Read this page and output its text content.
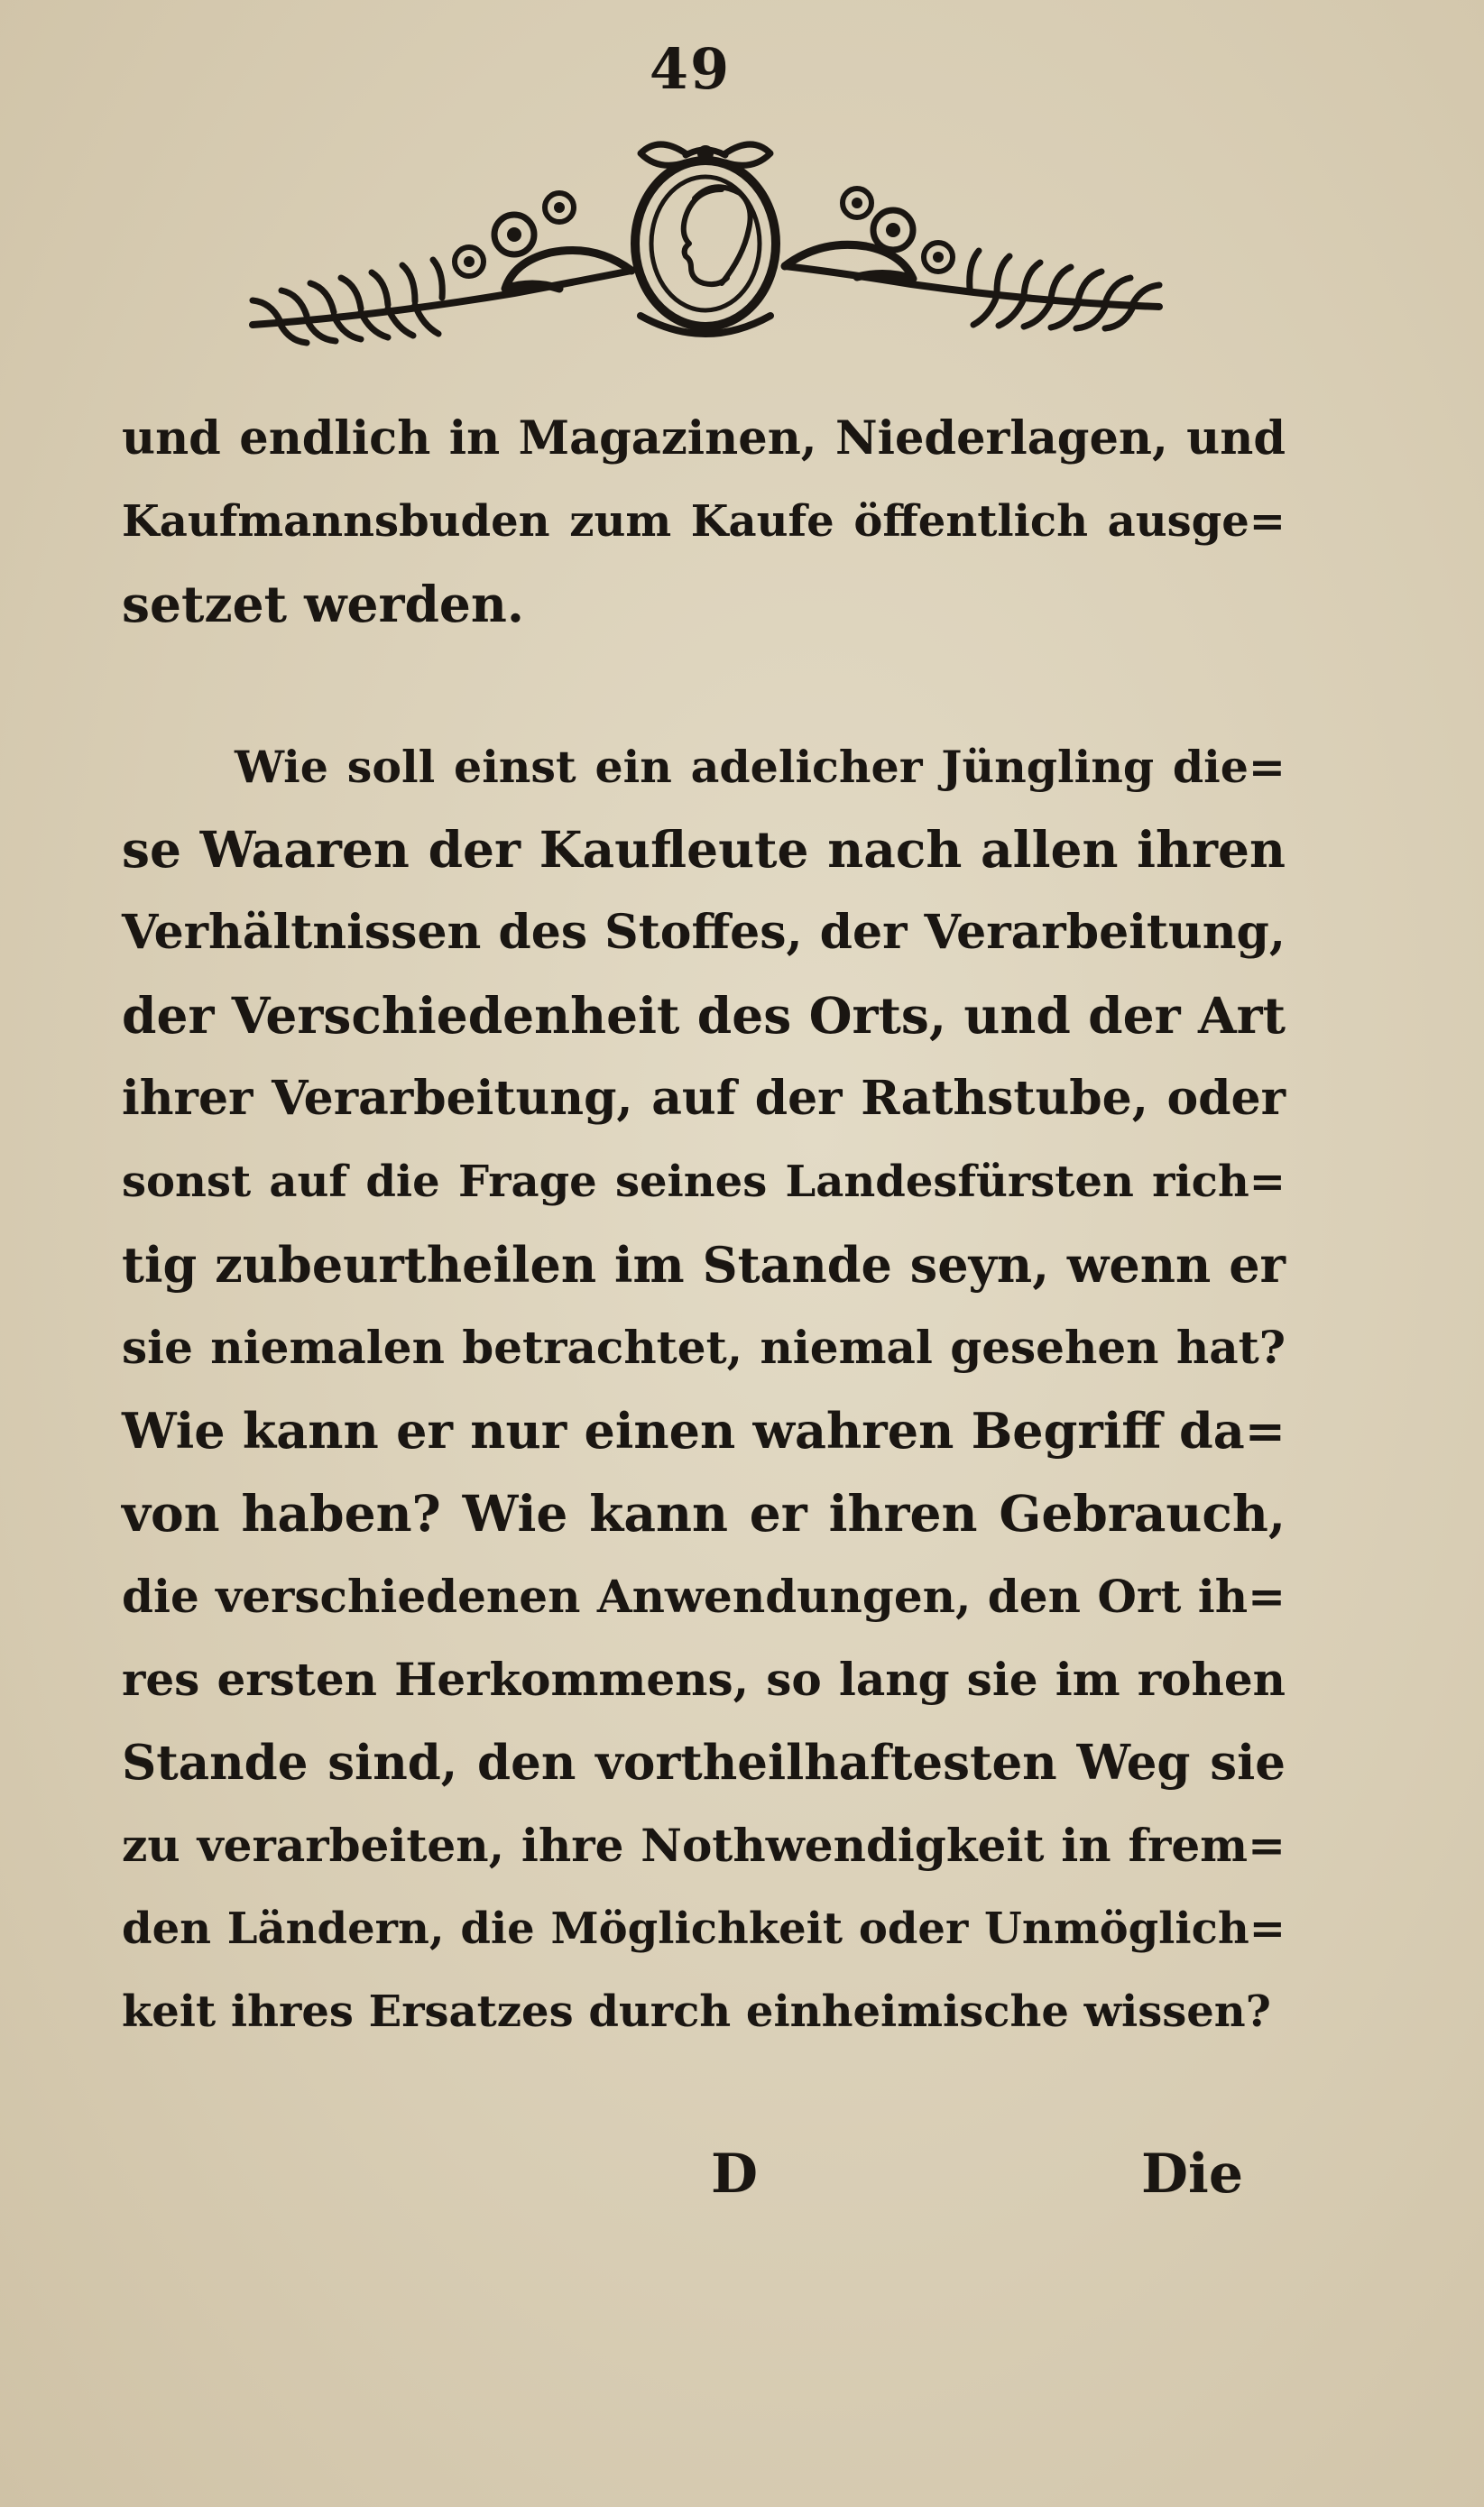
49
und endlich in Magazinen, Niederlagen, und
Kaufmannsbuden zum Kaufe öffentlich ausge=
setzet werden.
Wie soll einst ein adelicher Jüngling die=
se Waaren der Kaufleute nach allen ihren
Verhältnissen des Stoffes, der Verarbeitung,
der Verschiedenheit des Orts, und der Art
ihrer Verarbeitung, auf der Rathstube, oder
sonst auf die Frage seines Landesfürsten rich=
tig zubeurtheilen im Stande seyn, wenn er
sie niemalen betrachtet, niemal gesehen hat?
Wie kann er nur einen wahren Begriff da=
von haben? Wie kann er ihren Gebrauch,
die verschiedenen Anwendungen, den Ort ih=
res ersten Herkommens, so lang sie im rohen
Stande sind, den vortheilhaftesten Weg sie
zu verarbeiten, ihre Nothwendigkeit in frem=
den Ländern, die Möglichkeit oder Unmöglich=
keit ihres Ersatzes durch einheimische wissen?
D	Die
